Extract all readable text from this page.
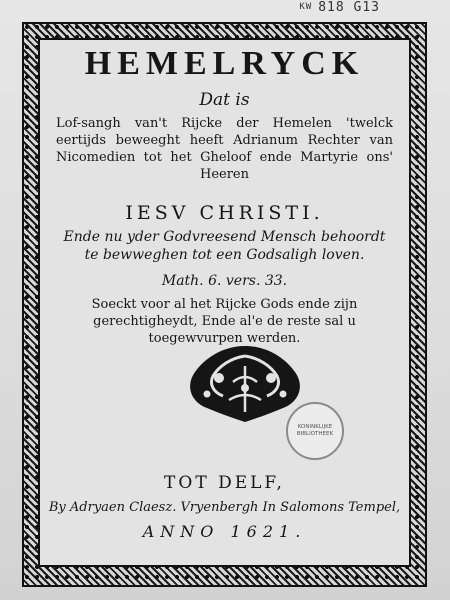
KW 818 G13
HEMELRYCK
Dat is
Lof-sangh van't Rijcke der Hemelen 'twelck eertijds beweeght heeft Adrianum Rechter van Nicomedien tot het Gheloof ende Martyrie ons' Heeren
IESV CHRISTI.
Ende nu yder Godvreesend Mensch behoordt te bewweghen tot een Godsaligh loven.
Math. 6. vers. 33.
Soeckt voor al het Rijcke Gods ende zijn gerechtigheydt, Ende al'e de reste sal u toegewvurpen werden.
KONINKLIJKE BIBLIOTHEEK
TOT DELF,
By Adryaen Claesz. Vryenbergh In Salomons Tempel,
ANNO 1621.
